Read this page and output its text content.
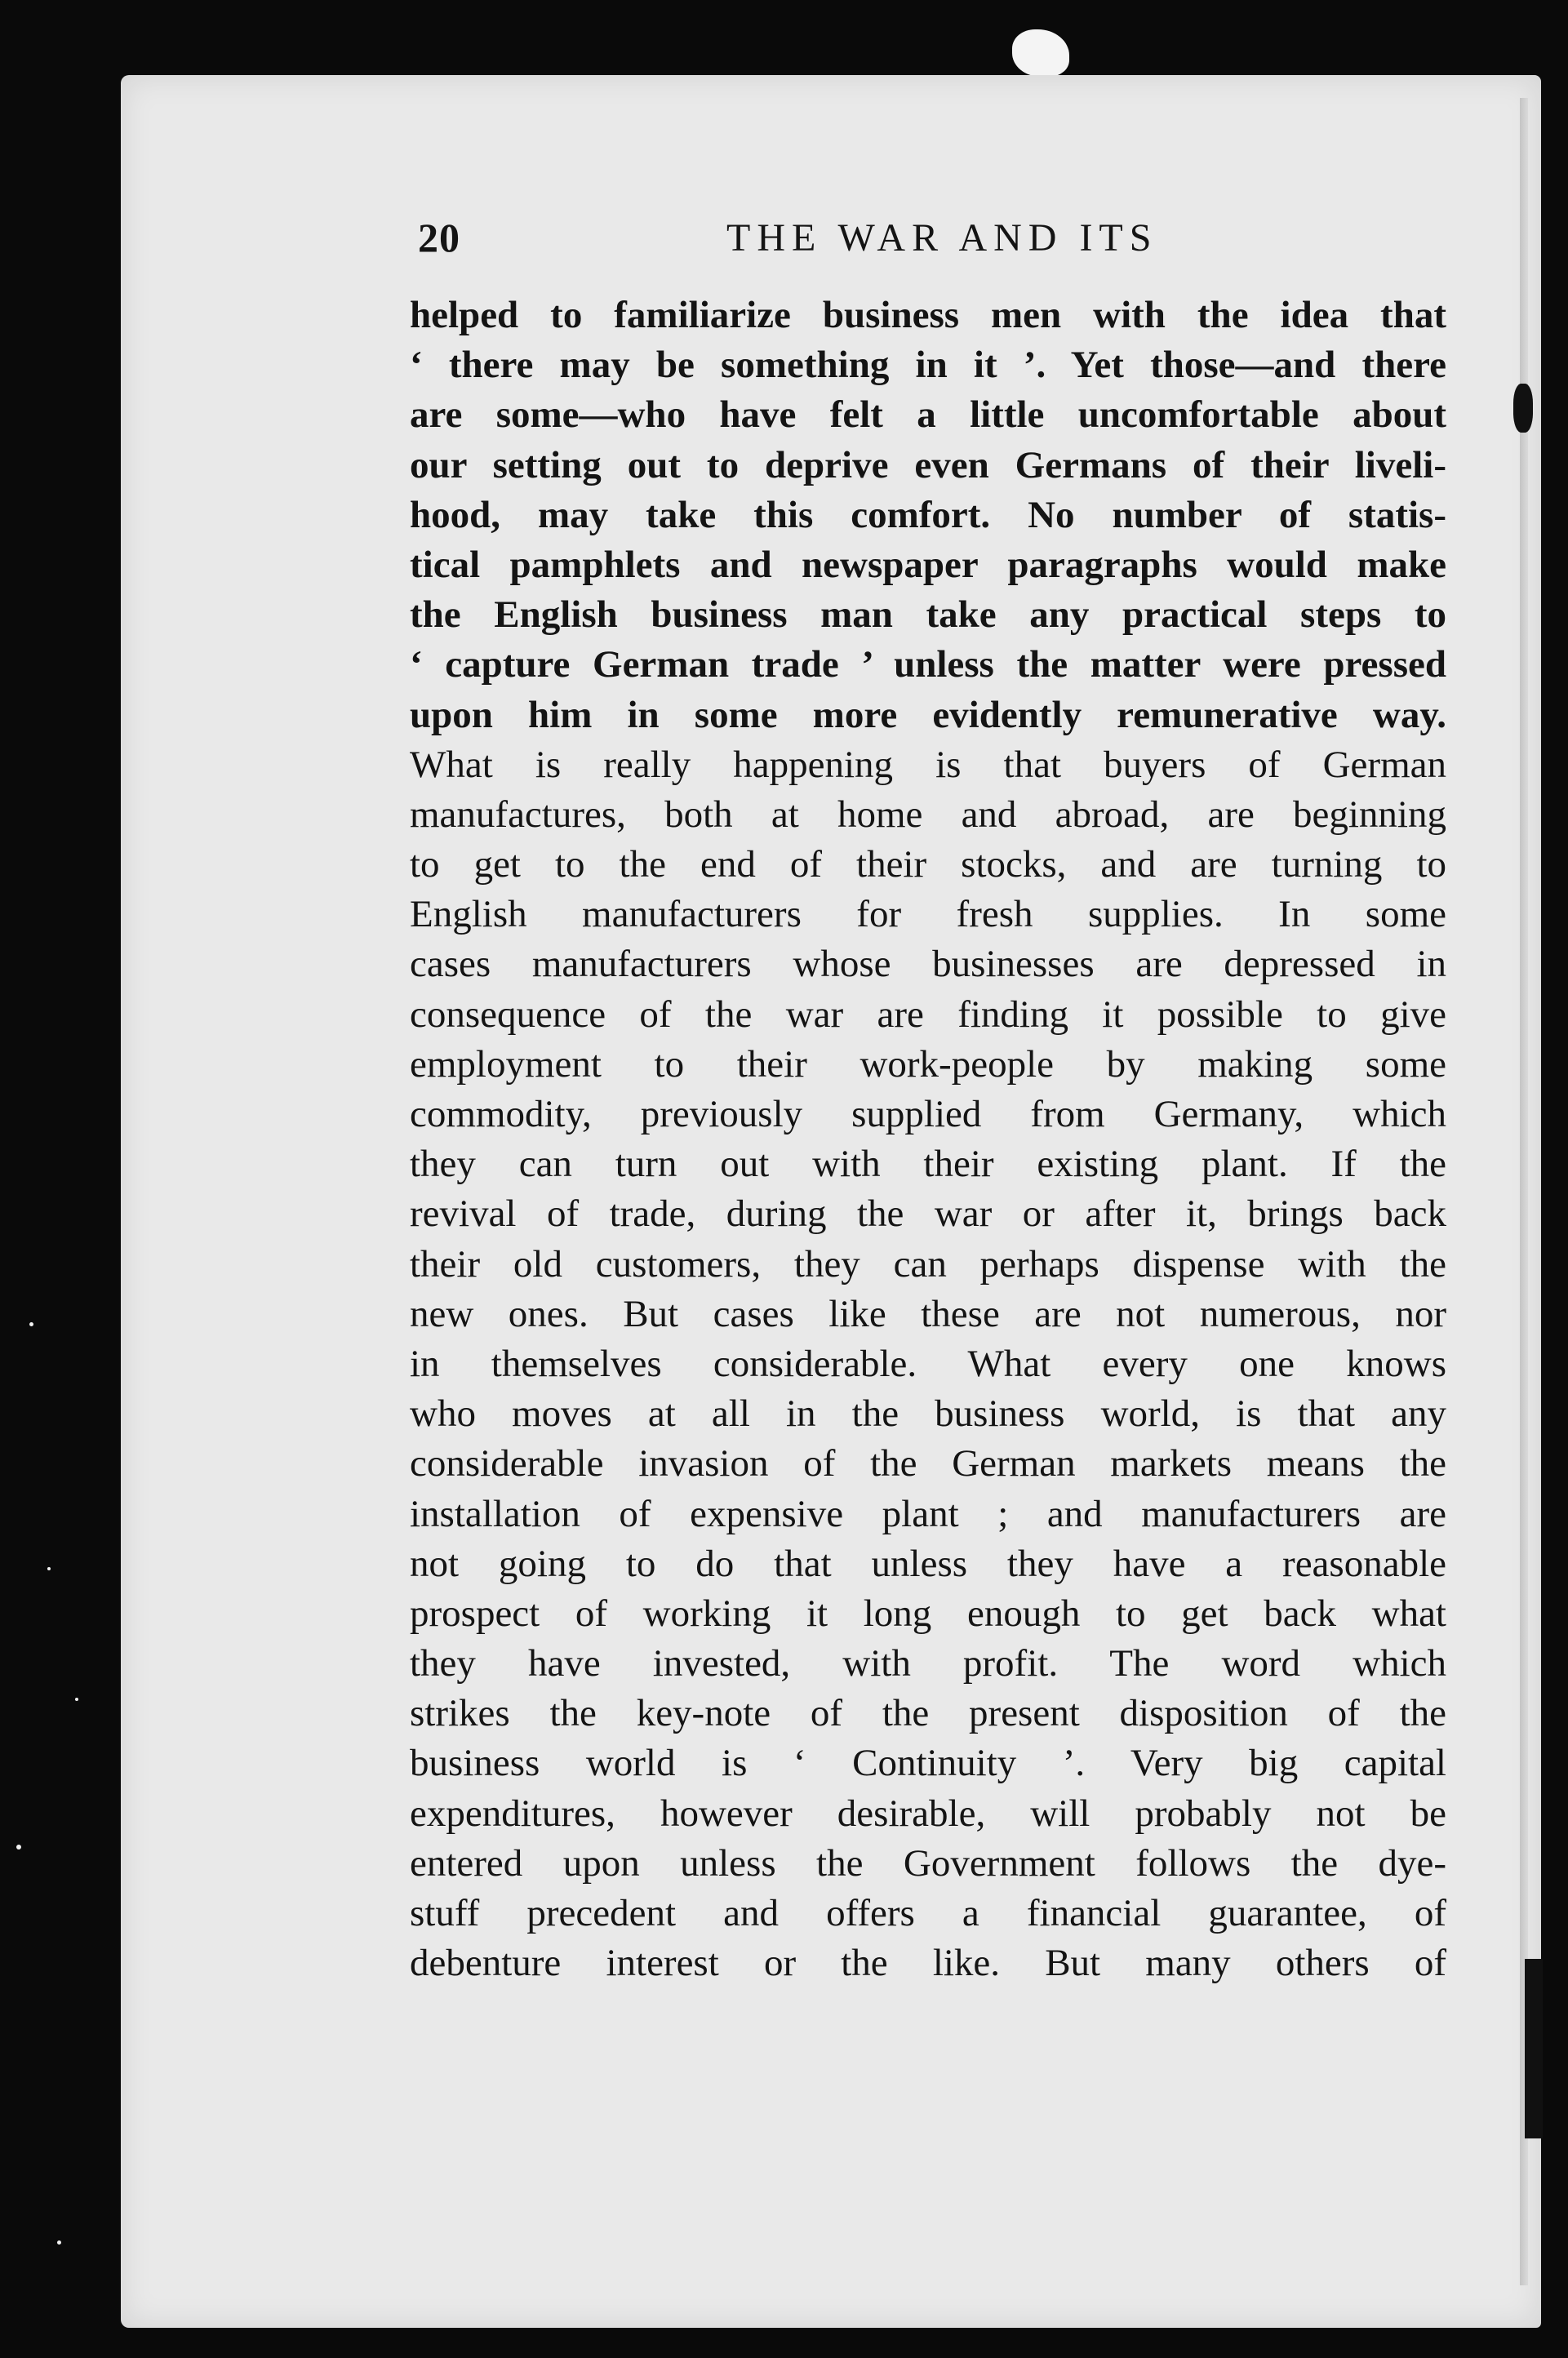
20	THE WAR AND ITS
helped to familiarize business men with the idea that
‘ there may be something in it ’. Yet those—and there
are some—who have felt a little uncomfortable about
our setting out to deprive even Germans of their liveli-
hood, may take this comfort. No number of statis-
tical pamphlets and newspaper paragraphs would make
the English business man take any practical steps to
‘ capture German trade ’ unless the matter were pressed
upon him in some more evidently remunerative way.
What is really happening is that buyers of German
manufactures, both at home and abroad, are beginning
to get to the end of their stocks, and are turning to
English manufacturers for fresh supplies. In some
cases manufacturers whose businesses are depressed in
consequence of the war are finding it possible to give
employment to their work-people by making some
commodity, previously supplied from Germany, which
they can turn out with their existing plant. If the
revival of trade, during the war or after it, brings back
their old customers, they can perhaps dispense with the
new ones. But cases like these are not numerous, nor
in themselves considerable. What every one knows
who moves at all in the business world, is that any
considerable invasion of the German markets means the
installation of expensive plant ; and manufacturers are
not going to do that unless they have a reasonable
prospect of working it long enough to get back what
they have invested, with profit. The word which
strikes the key-note of the present disposition of the
business world is ‘ Continuity ’. Very big capital
expenditures, however desirable, will probably not be
entered upon unless the Government follows the dye-
stuff precedent and offers a financial guarantee, of
debenture interest or the like. But many others of
